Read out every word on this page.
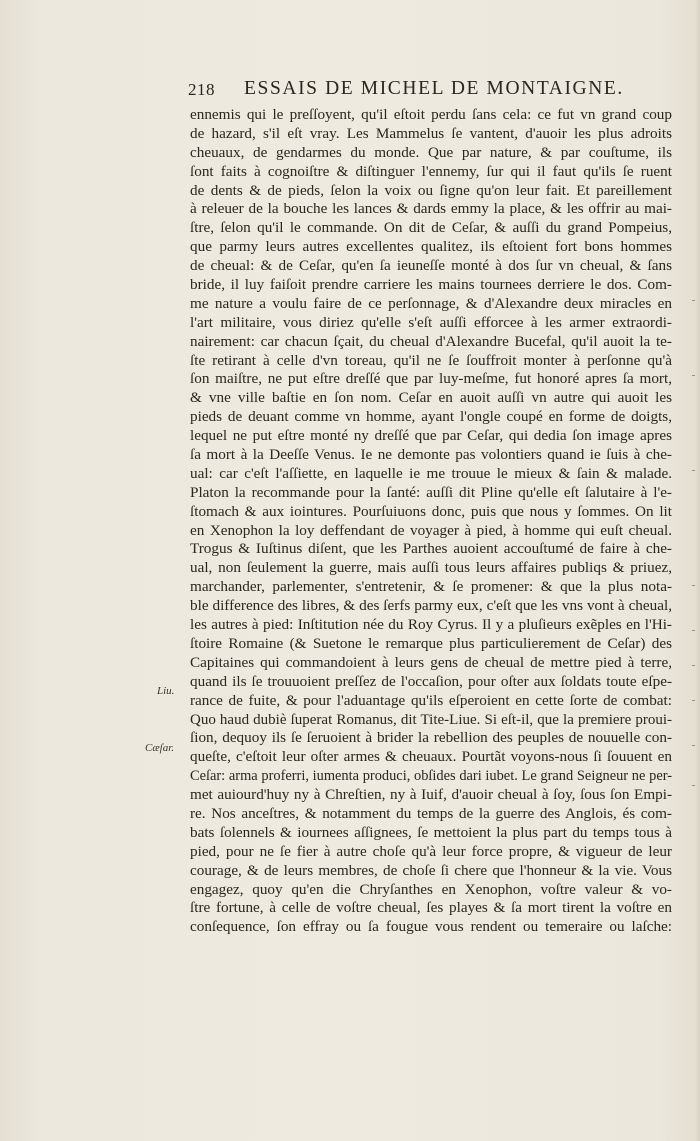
218 ESSAIS DE MICHEL DE MONTAIGNE.
Liu.
Cæſar.
ennemis qui le preſſoyent, qu'il eſtoit perdu ſans cela: ce fut vn grand coup
de hazard, s'il eſt vray. Les Mammelus ſe vantent, d'auoir les plus adroits
cheuaux, de gendarmes du monde. Que par nature, & par couſtume, ils
ſont faits à cognoiſtre & diſtinguer l'ennemy, ſur qui il faut qu'ils ſe ruent
de dents & de pieds, ſelon la voix ou ſigne qu'on leur fait. Et pareillement
à releuer de la bouche les lances & dards emmy la place, & les offrir au mai-
ſtre, ſelon qu'il le commande. On dit de Ceſar, & auſſi du grand Pompeius,
que parmy leurs autres excellentes qualitez, ils eſtoient fort bons hommes
de cheual: & de Ceſar, qu'en ſa ieuneſſe monté à dos ſur vn cheual, & ſans
bride, il luy faiſoit prendre carriere les mains tournees derriere le dos. Com-
me nature a voulu faire de ce perſonnage, & d'Alexandre deux miracles en
l'art militaire, vous diriez qu'elle s'eſt auſſi efforcee à les armer extraordi-
nairement: car chacun ſçait, du cheual d'Alexandre Bucefal, qu'il auoit la te-
ſte retirant à celle d'vn toreau, qu'il ne ſe ſouffroit monter à perſonne qu'à
ſon maiſtre, ne put eſtre dreſſé que par luy-meſme, fut honoré apres ſa mort,
& vne ville baſtie en ſon nom. Ceſar en auoit auſſi vn autre qui auoit les
pieds de deuant comme vn homme, ayant l'ongle coupé en forme de doigts,
lequel ne put eſtre monté ny dreſſé que par Ceſar, qui dedia ſon image apres
ſa mort à la Deeſſe Venus. Ie ne demonte pas volontiers quand ie ſuis à che-
ual: car c'eſt l'aſſiette, en laquelle ie me trouue le mieux & ſain & malade.
Platon la recommande pour la ſanté: auſſi dit Pline qu'elle eſt ſalutaire à l'e-
ſtomach & aux iointures. Pourſuiuons donc, puis que nous y ſommes. On lit
en Xenophon la loy deffendant de voyager à pied, à homme qui euſt cheual.
Trogus & Iuſtinus diſent, que les Parthes auoient accouſtumé de faire à che-
ual, non ſeulement la guerre, mais auſſi tous leurs affaires publiqs & priuez,
marchander, parlementer, s'entretenir, & ſe promener: & que la plus nota-
ble difference des libres, & des ſerfs parmy eux, c'eſt que les vns vont à cheual,
les autres à pied: Inſtitution née du Roy Cyrus. Il y a pluſieurs exẽples en l'Hi-
ſtoire Romaine (& Suetone le remarque plus particulierement de Ceſar) des
Capitaines qui commandoient à leurs gens de cheual de mettre pied à terre,
quand ils ſe trouuoient preſſez de l'occaſion, pour oſter aux ſoldats toute eſpe-
rance de fuite, & pour l'aduantage qu'ils eſperoient en cette ſorte de combat:
Quo haud dubiè ſuperat Romanus, dit Tite-Liue. Si eſt-il, que la premiere proui-
ſion, dequoy ils ſe ſeruoient à brider la rebellion des peuples de nouuelle con-
queſte, c'eſtoit leur oſter armes & cheuaux. Pourtãt voyons-nous ſi ſouuent en
Ceſar: arma proferri, iumenta produci, obſides dari iubet. Le grand Seigneur ne per-
met auiourd'huy ny à Chreſtien, ny à Iuif, d'auoir cheual à ſoy, ſous ſon Empi-
re. Nos anceſtres, & notamment du temps de la guerre des Anglois, és com-
bats ſolennels & iournees aſſignees, ſe mettoient la plus part du temps tous à
pied, pour ne ſe fier à autre choſe qu'à leur force propre, & vigueur de leur
courage, & de leurs membres, de choſe ſi chere que l'honneur & la vie. Vous
engagez, quoy qu'en die Chryſanthes en Xenophon, voſtre valeur & vo-
ſtre fortune, à celle de voſtre cheual, ſes playes & ſa mort tirent la voſtre en
conſequence, ſon effray ou ſa fougue vous rendent ou temeraire ou laſche:
